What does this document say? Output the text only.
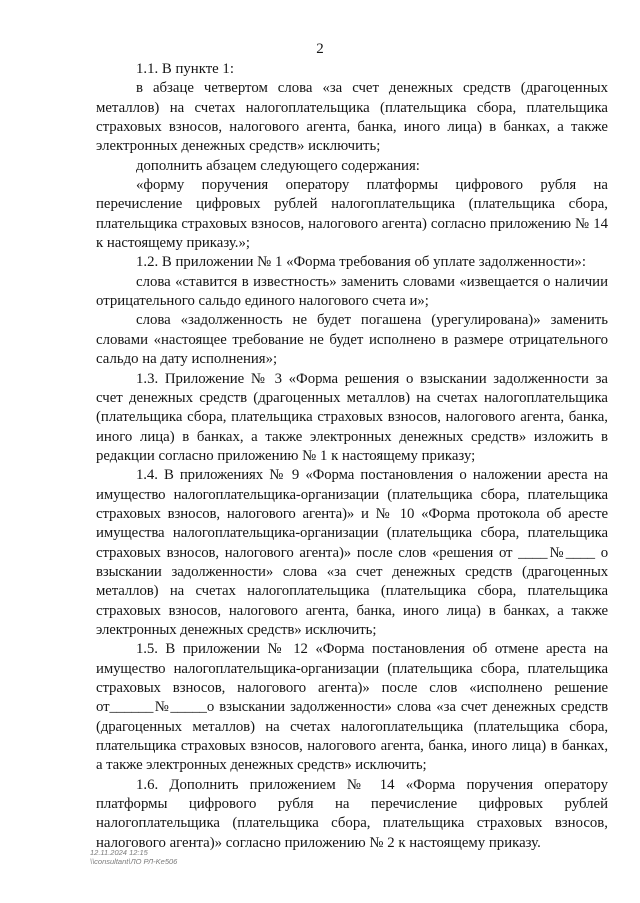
2

1.1. В пункте 1:

в абзаце четвертом слова «за счет денежных средств (драгоценных металлов) на счетах налогоплательщика (плательщика сбора, плательщика страховых взносов, налогового агента, банка, иного лица) в банках, а также электронных денежных средств» исключить;

дополнить абзацем следующего содержания:

«форму поручения оператору платформы цифрового рубля на перечисление цифровых рублей налогоплательщика (плательщика сбора, плательщика страховых взносов, налогового агента) согласно приложению № 14 к настоящему приказу.»;

1.2. В приложении № 1 «Форма требования об уплате задолженности»:

слова «ставится в известность» заменить словами «извещается о наличии отрицательного сальдо единого налогового счета и»;

слова «задолженность не будет погашена (урегулирована)» заменить словами «настоящее требование не будет исполнено в размере отрицательного сальдо на дату исполнения»;

1.3. Приложение № 3 «Форма решения о взыскании задолженности за счет денежных средств (драгоценных металлов) на счетах налогоплательщика (плательщика сбора, плательщика страховых взносов, налогового агента, банка, иного лица) в банках, а также электронных денежных средств» изложить в редакции согласно приложению № 1 к настоящему приказу;

1.4. В приложениях № 9 «Форма постановления о наложении ареста на имущество налогоплательщика-организации (плательщика сбора, плательщика страховых взносов, налогового агента)» и № 10 «Форма протокола об аресте имущества налогоплательщика-организации (плательщика сбора, плательщика страховых взносов, налогового агента)» после слов «решения от ____№____ о взыскании задолженности» слова «за счет денежных средств (драгоценных металлов) на счетах налогоплательщика (плательщика сбора, плательщика страховых взносов, налогового агента, банка, иного лица) в банках, а также электронных денежных средств» исключить;

1.5. В приложении № 12 «Форма постановления об отмене ареста на имущество налогоплательщика-организации (плательщика сбора, плательщика страховых взносов, налогового агента)» после слов «исполнено решение от______№_____о взыскании задолженности» слова «за счет денежных средств (драгоценных металлов) на счетах налогоплательщика (плательщика сбора, плательщика страховых взносов, налогового агента, банка, иного лица) в банках, а также электронных денежных средств» исключить;

1.6. Дополнить приложением № 14 «Форма поручения оператору платформы цифрового рубля на перечисление цифровых рублей налогоплательщика (плательщика сбора, плательщика страховых взносов, налогового агента)» согласно приложению № 2 к настоящему приказу.

12.11.2024 12:15
\\consultant\ЛО РЛ-Ke506
